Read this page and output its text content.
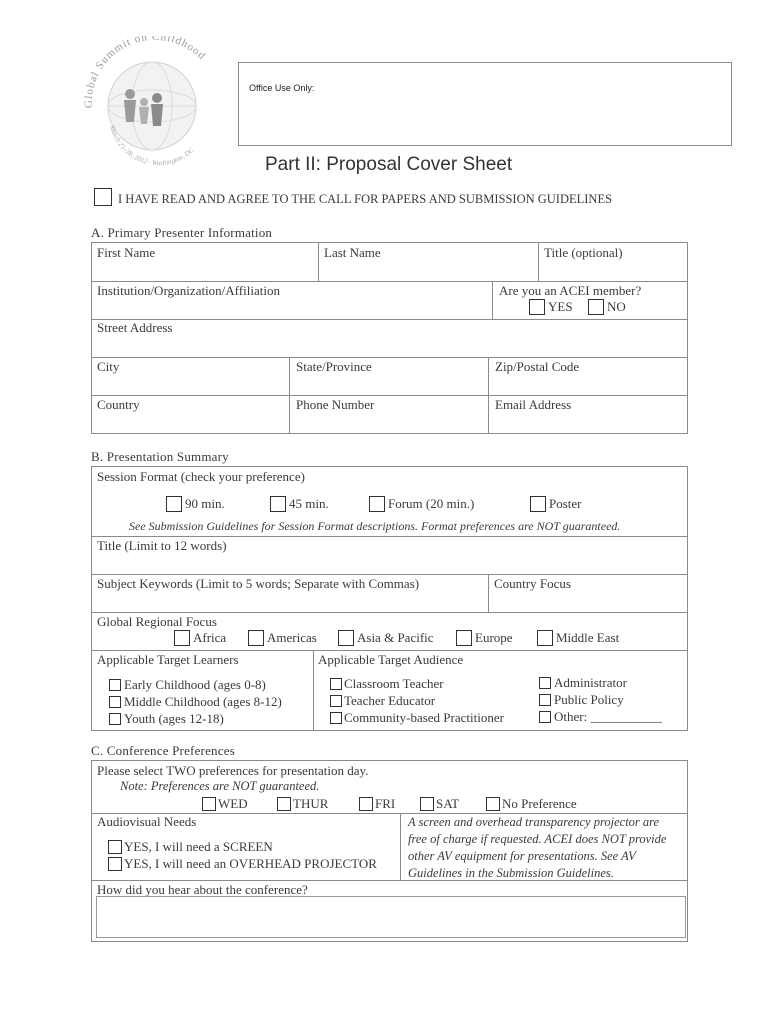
Global Summit on Childhood
March 25–28, 2012 · Washington, DC
Office Use Only:
Part II: Proposal Cover Sheet
I HAVE READ AND AGREE TO THE CALL FOR PAPERS AND SUBMISSION GUIDELINES
A. Primary Presenter Information
First Name	Last Name	Title (optional)
Institution/Organization/Affiliation	Are you an ACEI member?
YES	NO
Street Address
City	State/Province	Zip/Postal Code
Country	Phone Number	Email Address
B. Presentation Summary
Session Format (check your preference)
90 min.	45 min.	Forum (20 min.)	Poster
See Submission Guidelines for Session Format descriptions. Format preferences are NOT guaranteed.
Title (Limit to 12 words)
Subject Keywords (Limit to 5 words; Separate with Commas)	Country Focus
Global Regional Focus
Africa	Americas	Asia & Pacific	Europe	Middle East
Applicable Target Learners
Early Childhood (ages 0-8)
Middle Childhood (ages 8-12)
Youth (ages 12-18)
Applicable Target Audience
Classroom Teacher
Teacher Educator
Community-based Practitioner
Administrator
Public Policy
Other: ___________
C. Conference Preferences
Please select TWO preferences for presentation day.
Note: Preferences are NOT guaranteed.
WED	THUR	FRI	SAT	No Preference
Audiovisual Needs
YES, I will need a SCREEN
YES, I will need an OVERHEAD PROJECTOR
A screen and overhead transparency projector are free of charge if requested. ACEI does NOT provide other AV equipment for presentations. See AV Guidelines in the Submission Guidelines.
How did you hear about the conference?
